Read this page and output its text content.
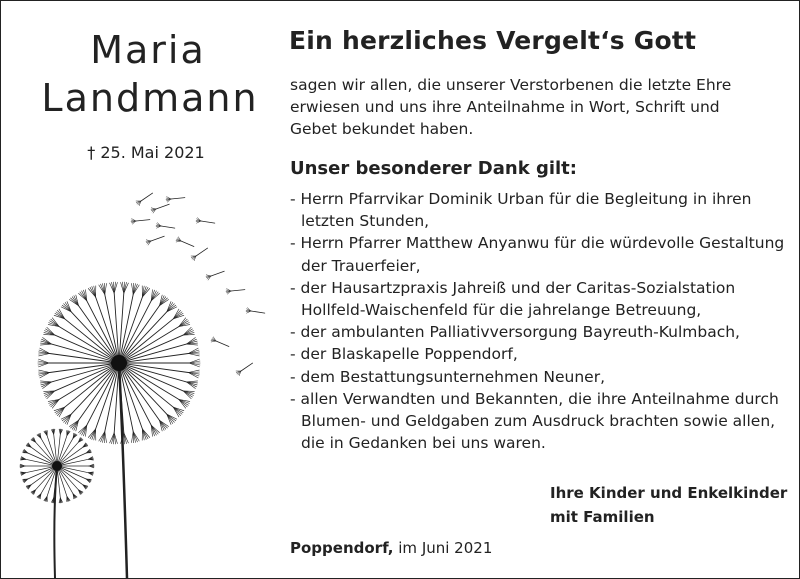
Maria
Landmann
† 25. Mai 2021
Ein herzliches Vergelt‘s Gott
sagen wir allen, die unserer Verstorbenen die letzte Ehre erwiesen und uns ihre Anteilnahme in Wort, Schrift und Gebet bekundet haben.
Unser besonderer Dank gilt:
- Herrn Pfarrvikar Dominik Urban für die Begleitung in ihren letzten Stunden,
- Herrn Pfarrer Matthew Anyanwu für die würdevolle Gestaltung der Trauerfeier,
- der Hausartzpraxis Jahreiß und der Caritas-Sozialstation Hollfeld-Waischenfeld für die jahrelange Betreuung,
- der ambulanten Palliativversorgung Bayreuth-Kulmbach,
- der Blaskapelle Poppendorf,
- dem Bestattungsunternehmen Neuner,
- allen Verwandten und Bekannten, die ihre Anteilnahme durch Blumen- und Geldgaben zum Ausdruck brachten sowie allen, die in Gedanken bei uns waren.
Ihre Kinder und Enkelkinder
mit Familien
Poppendorf, im Juni 2021
